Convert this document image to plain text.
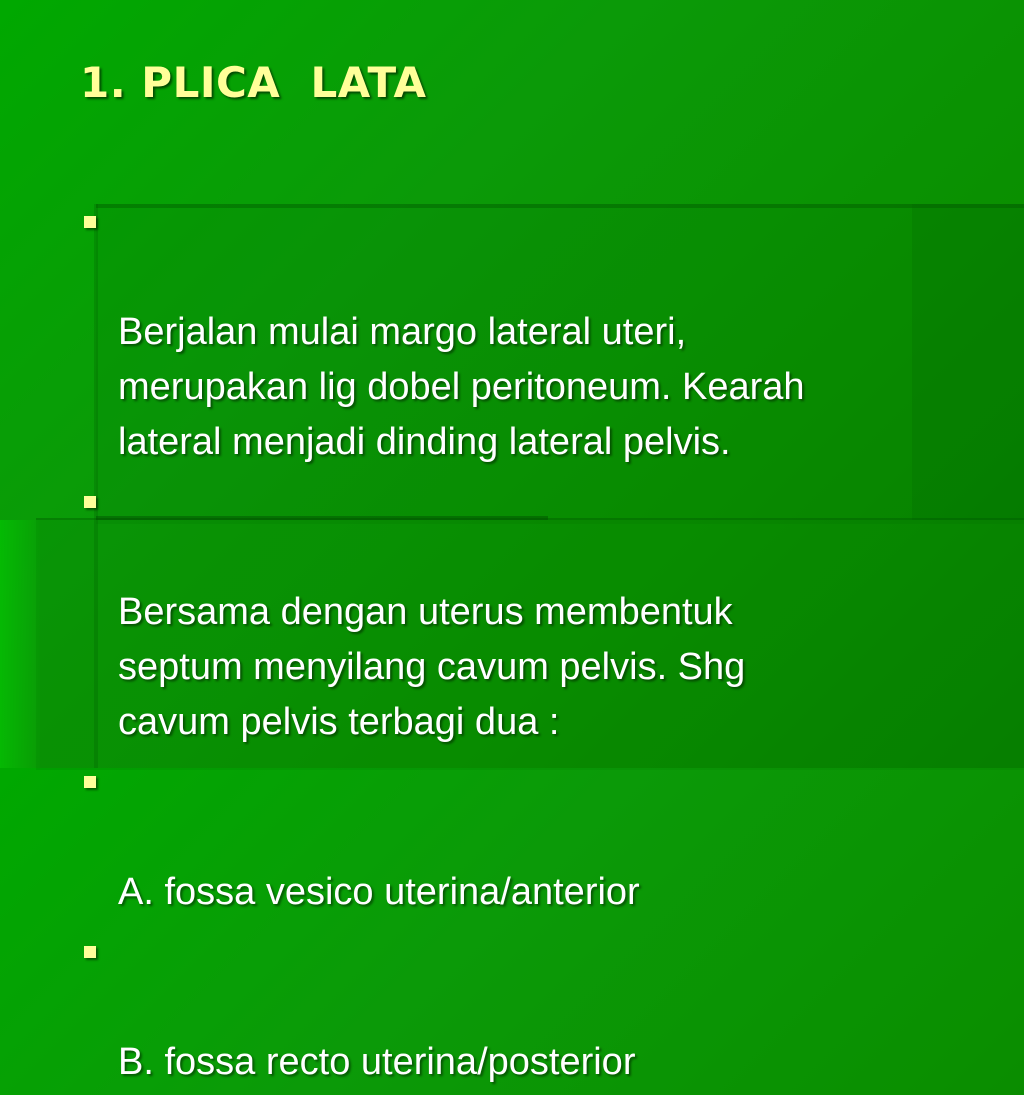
1. PLICA  LATA

Berjalan mulai margo lateral uteri,
merupakan lig dobel peritoneum. Kearah
lateral menjadi dinding lateral pelvis.

Bersama dengan uterus membentuk
septum menyilang cavum pelvis. Shg
cavum pelvis terbagi dua :

A. fossa vesico uterina/anterior

B. fossa recto uterina/posterior
